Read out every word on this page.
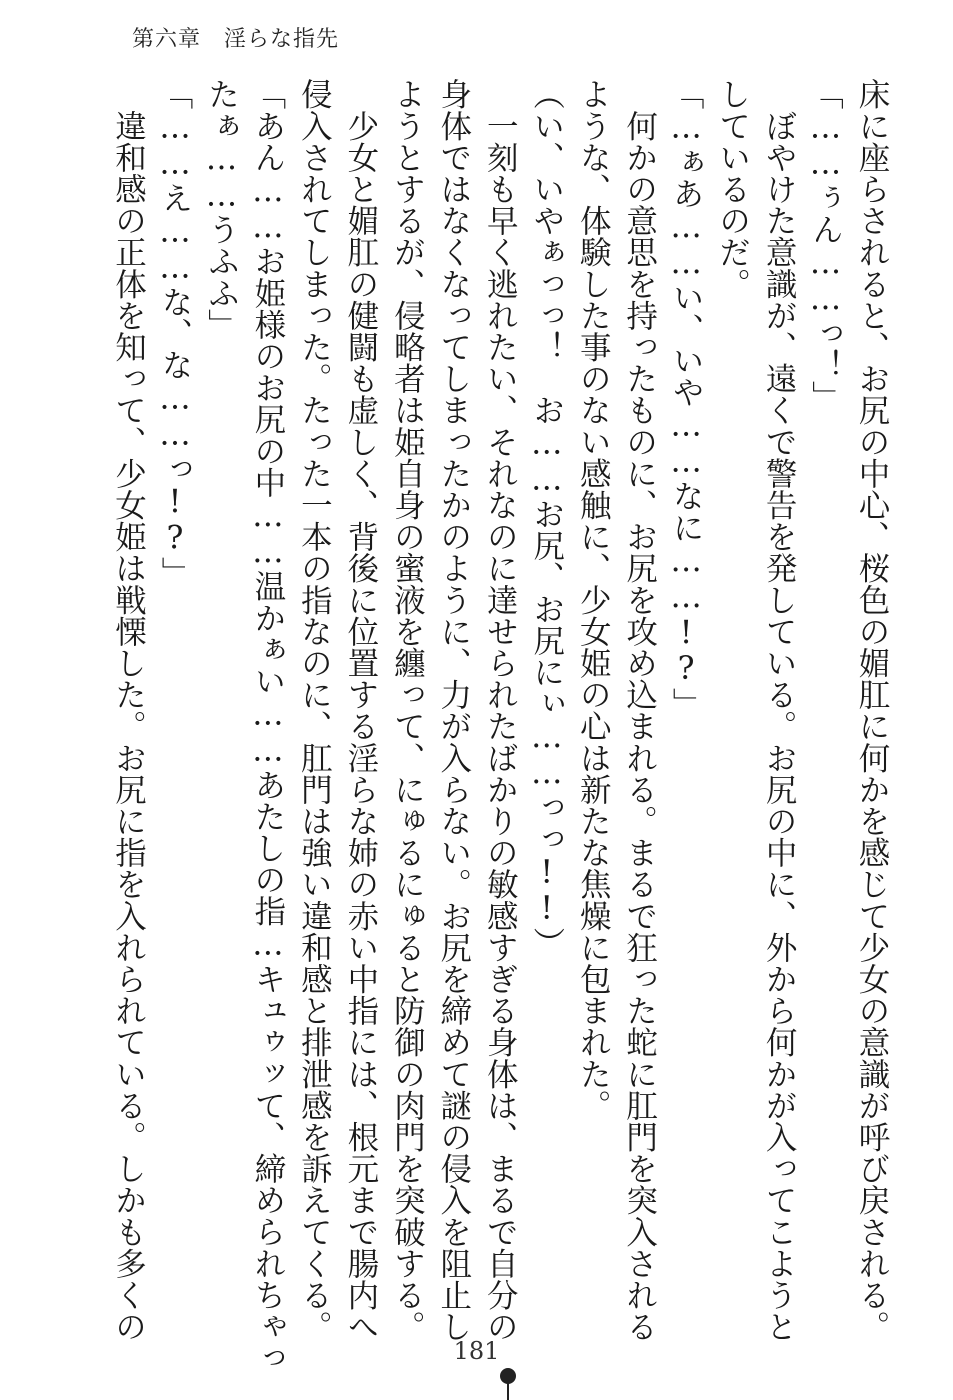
第六章　淫らな指先
床に座らされると、お尻の中心、桜色の媚肛に何かを感じて少女の意識が呼び戻される。
「……ぅん……っ！」
　ぼやけた意識が、遠くで警告を発している。お尻の中に、外から何かが入ってこようと
しているのだ。
「…ぁあ……い、いや……なに……!?」
　何かの意思を持ったものに、お尻を攻め込まれる。まるで狂った蛇に肛門を突入される
ような、体験した事のない感触に、少女姫の心は新たな焦燥に包まれた。
（い、いやぁっっ！　お……お尻、お尻にぃ……っっ!!）
　一刻も早く逃れたい、それなのに達せられたばかりの敏感すぎる身体は、まるで自分の
身体ではなくなってしまったかのように、力が入らない。お尻を締めて謎の侵入を阻止し
ようとするが、侵略者は姫自身の蜜液を纏って、にゅるにゅると防御の肉門を突破する。
　少女と媚肛の健闘も虚しく、背後に位置する淫らな姉の赤い中指には、根元まで腸内へ
侵入されてしまった。たった一本の指なのに、肛門は強い違和感と排泄感を訴えてくる。
「あん……お姫様のお尻の中……温かぁい……あたしの指…キュゥッて、締められちゃっ
たぁ……うふふ」
「……え……な、な……っ!?」
　違和感の正体を知って、少女姫は戦慄した。お尻に指を入れられている。しかも多くの
181
